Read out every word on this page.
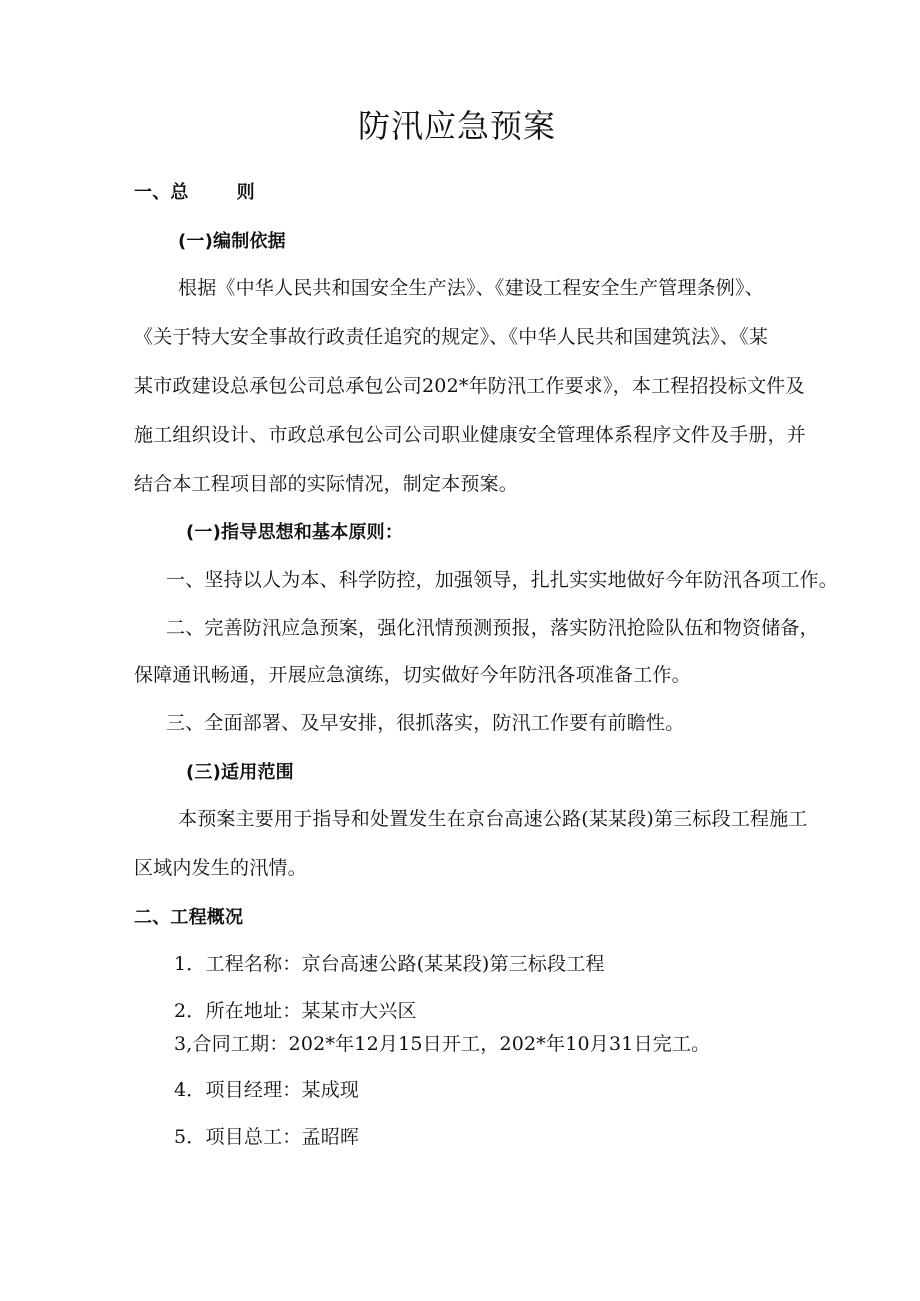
防汛应急预案
一、总	则
(一)编制依据
根据《中华人民共和国安全生产法》、《建设工程安全生产管理条例》、
《关于特大安全事故行政责任追究的规定》、《中华人民共和国建筑法》、《某
某市政建设总承包公司总承包公司202*年防汛工作要求》，本工程招投标文件及
施工组织设计、市政总承包公司公司职业健康安全管理体系程序文件及手册，并
结合本工程项目部的实际情况，制定本预案。
(一)指导思想和基本原则：
一、坚持以人为本、科学防控，加强领导，扎扎实实地做好今年防汛各项工作。
二、完善防汛应急预案，强化汛情预测预报，落实防汛抢险队伍和物资储备，
保障通讯畅通，开展应急演练，切实做好今年防汛各项准备工作。
三、全面部署、及早安排，很抓落实，防汛工作要有前瞻性。
(三)适用范围
本预案主要用于指导和处置发生在京台高速公路(某某段)第三标段工程施工
区域内发生的汛情。
二、工程概况
1．工程名称：京台高速公路(某某段)第三标段工程
2．所在地址：某某市大兴区
3,合同工期：202*年12月15日开工，202*年10月31日完工。
4．项目经理：某成现
5．项目总工：孟昭晖
